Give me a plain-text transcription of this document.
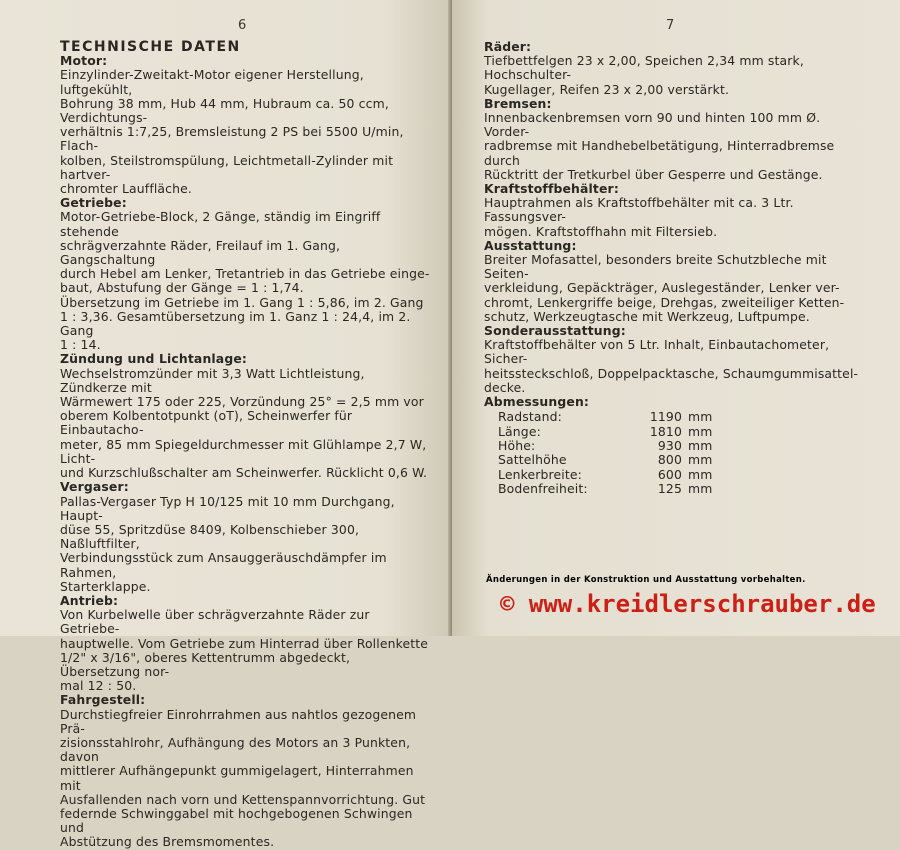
6

TECHNISCHE DATEN

Motor:

Einzylinder-Zweitakt-Motor eigener Herstellung, luftgekühlt,

Bohrung 38 mm, Hub 44 mm, Hubraum ca. 50 ccm, Verdichtungs-

verhältnis 1:7,25, Bremsleistung 2 PS bei 5500 U/min, Flach-

kolben, Steilstromspülung, Leichtmetall-Zylinder mit hartver-

chromter Lauffläche.

Getriebe:

Motor-Getriebe-Block, 2 Gänge, ständig im Eingriff stehende

schrägverzahnte Räder, Freilauf im 1. Gang, Gangschaltung

durch Hebel am Lenker, Tretantrieb in das Getriebe einge-

baut, Abstufung der Gänge = 1 : 1,74.

Übersetzung im Getriebe im 1. Gang 1 : 5,86, im 2. Gang

1 : 3,36. Gesamtübersetzung im 1. Ganz 1 : 24,4, im 2. Gang

1 : 14.

Zündung und Lichtanlage:

Wechselstromzünder mit 3,3 Watt Lichtleistung, Zündkerze mit

Wärmewert 175 oder 225, Vorzündung 25° = 2,5 mm vor

oberem Kolbentotpunkt (oT), Scheinwerfer für Einbautacho-

meter, 85 mm Spiegeldurchmesser mit Glühlampe 2,7 W, Licht-

und Kurzschlußschalter am Scheinwerfer. Rücklicht 0,6 W.

Vergaser:

Pallas-Vergaser Typ H 10/125 mit 10 mm Durchgang, Haupt-

düse 55, Spritzdüse 8409, Kolbenschieber 300, Naßluftfilter,

Verbindungsstück zum Ansauggeräuschdämpfer im Rahmen,

Starterklappe.

Antrieb:

Von Kurbelwelle über schrägverzahnte Räder zur Getriebe-

hauptwelle. Vom Getriebe zum Hinterrad über Rollenkette

1/2" x 3/16", oberes Kettentrumm abgedeckt, Übersetzung nor-

mal 12 : 50.

Fahrgestell:

Durchstiegfreier Einrohrrahmen aus nahtlos gezogenem Prä-

zisionsstahlrohr, Aufhängung des Motors an 3 Punkten, davon

mittlerer Aufhängepunkt gummigelagert, Hinterrahmen mit

Ausfallenden nach vorn und Kettenspannvorrichtung. Gut

federnde Schwinggabel mit hochgebogenen Schwingen und

Abstützung des Bremsmomentes.

7

Räder:

Tiefbettfelgen 23 x 2,00, Speichen 2,34 mm stark, Hochschulter-

Kugellager, Reifen 23 x 2,00 verstärkt.

Bremsen:

Innenbackenbremsen vorn 90 und hinten 100 mm Ø. Vorder-

radbremse mit Handhebelbetätigung, Hinterradbremse durch

Rücktritt der Tretkurbel über Gesperre und Gestänge.

Kraftstoffbehälter:

Hauptrahmen als Kraftstoffbehälter mit ca. 3 Ltr. Fassungsver-

mögen. Kraftstoffhahn mit Filtersieb.

Ausstattung:

Breiter Mofasattel, besonders breite Schutzbleche mit Seiten-

verkleidung, Gepäckträger, Auslegeständer, Lenker ver-

chromt, Lenkergriffe beige, Drehgas, zweiteiliger Ketten-

schutz, Werkzeugtasche mit Werkzeug, Luftpumpe.

Sonderausstattung:

Kraftstoffbehälter von 5 Ltr. Inhalt, Einbautachometer, Sicher-

heitssteckschloß, Doppelpacktasche, Schaumgummisattel-

decke.

Abmessungen:

Radstand:	1190 mm
Länge:	1810 mm
Höhe:	930 mm
Sattelhöhe	800 mm
Lenkerbreite:	600 mm
Bodenfreiheit:	125 mm
Änderungen in der Konstruktion und Ausstattung vorbehalten.
© www.kreidlerschrauber.de
